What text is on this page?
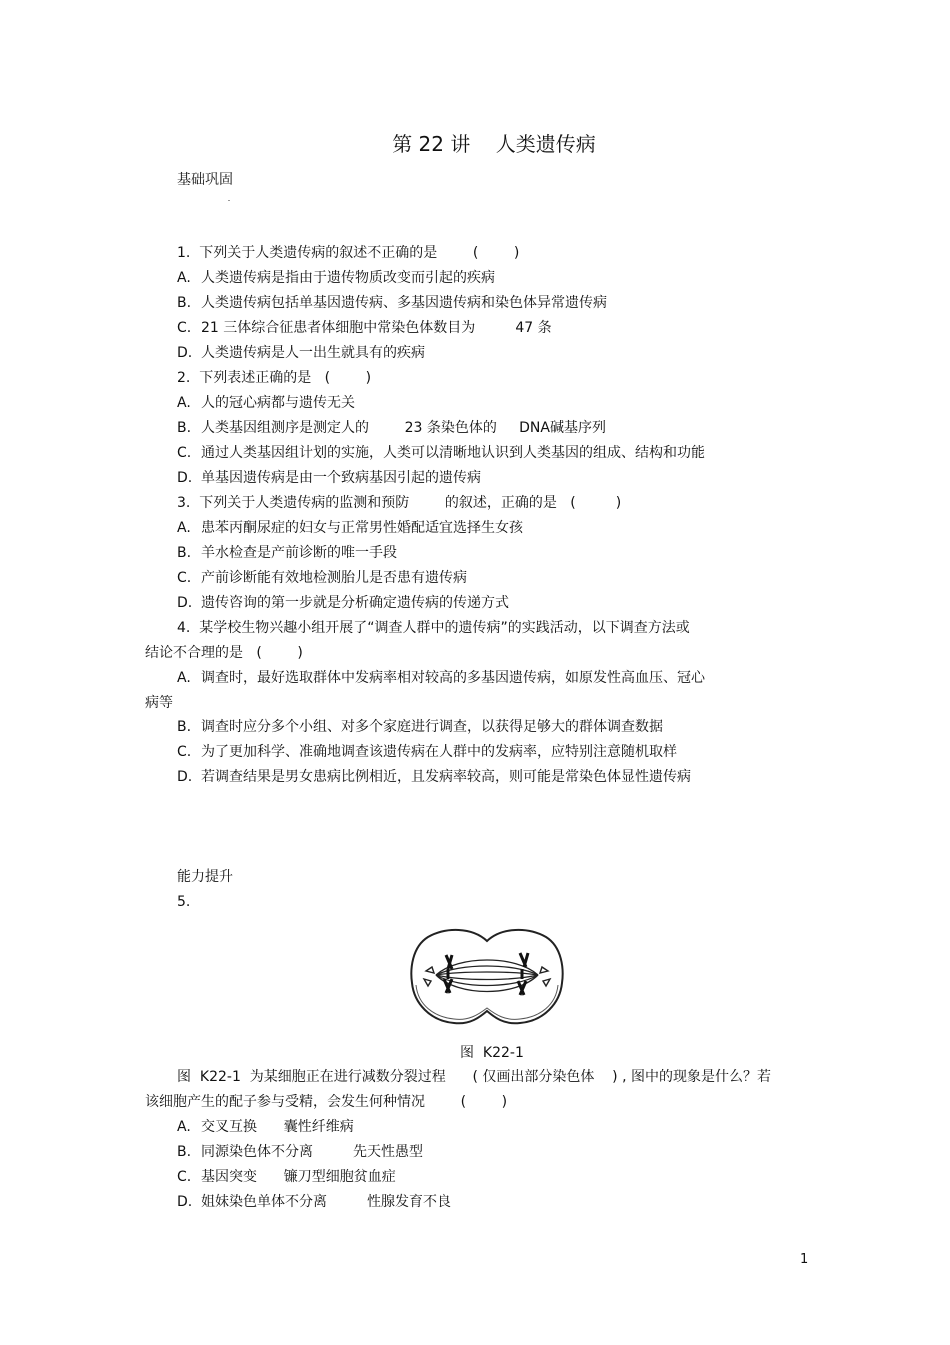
第 22 讲    人类遗传病
基础巩固
1.  下列关于人类遗传病的叙述不正确的是        (        )
A. 人类遗传病是指由于遗传物质改变而引起的疾病
B. 人类遗传病包括单基因遗传病、多基因遗传病和染色体异常遗传病
C. 21 三体综合征患者体细胞中常染色体数目为         47 条
D. 人类遗传病是人一出生就具有的疾病
2.  下列表述正确的是   (        )
A. 人的冠心病都与遗传无关
B. 人类基因组测序是测定人的        23 条染色体的     DNA碱基序列
C. 通过人类基因组计划的实施，人类可以清晰地认识到人类基因的组成、结构和功能
D. 单基因遗传病是由一个致病基因引起的遗传病
3.  下列关于人类遗传病的监测和预防        的叙述，正确的是   (         )
A. 患苯丙酮尿症的妇女与正常男性婚配适宜选择生女孩
B. 羊水检查是产前诊断的唯一手段
C. 产前诊断能有效地检测胎儿是否患有遗传病
D. 遗传咨询的第一步就是分析确定遗传病的传递方式
4.  某学校生物兴趣小组开展了“调查人群中的遗传病”的实践活动，以下调查方法或
结论不合理的是   (        )
A. 调查时，最好选取群体中发病率相对较高的多基因遗传病，如原发性高血压、冠心
病等
B. 调查时应分多个小组、对多个家庭进行调查，以获得足够大的群体调查数据
C. 为了更加科学、准确地调查该遗传病在人群中的发病率，应特别注意随机取样
D. 若调查结果是男女患病比例相近，且发病率较高，则可能是常染色体显性遗传病
能力提升
5.
图  K22-1
图  K22-1  为某细胞正在进行减数分裂过程      ( 仅画出部分染色体    ) , 图中的现象是什么？若
该细胞产生的配子参与受精，会发生何种情况        (        )
A. 交叉互换      囊性纤维病
B. 同源染色体不分离         先天性愚型
C. 基因突变      镰刀型细胞贫血症
D. 姐妹染色单体不分离         性腺发育不良
1
